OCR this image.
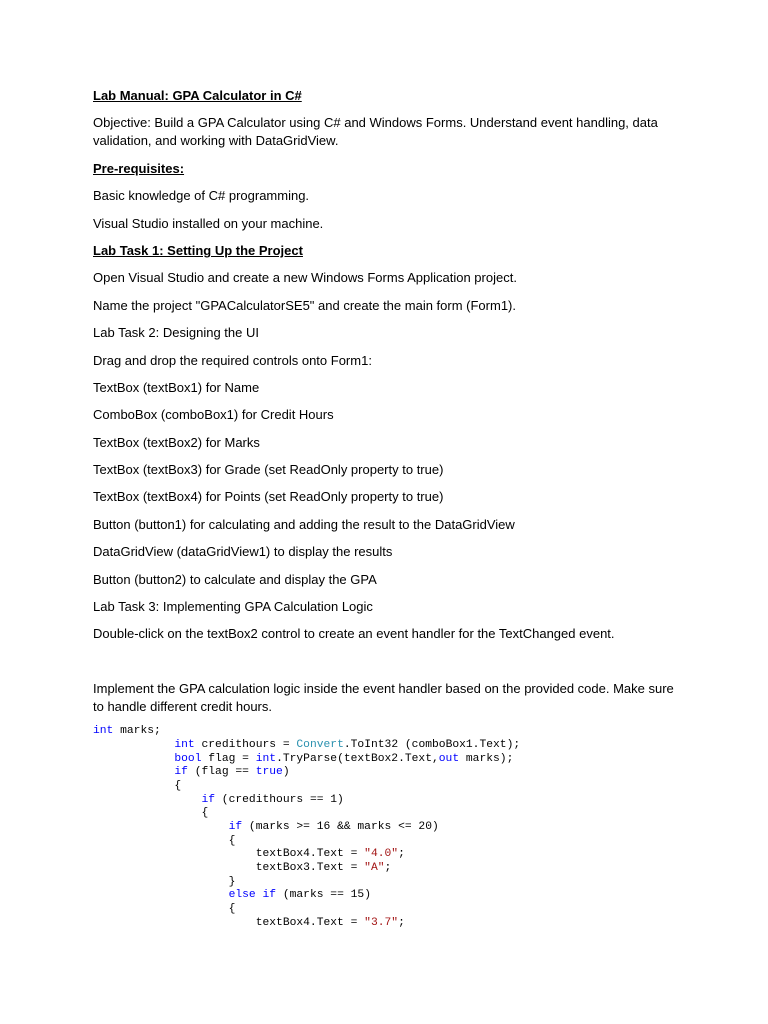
Lab Manual: GPA Calculator in C#

Objective: Build a GPA Calculator using C# and Windows Forms. Understand event handling, data validation, and working with DataGridView.

Pre-requisites:

Basic knowledge of C# programming.

Visual Studio installed on your machine.

Lab Task 1: Setting Up the Project

Open Visual Studio and create a new Windows Forms Application project.

Name the project "GPACalculatorSE5" and create the main form (Form1).

Lab Task 2: Designing the UI

Drag and drop the required controls onto Form1:

TextBox (textBox1) for Name

ComboBox (comboBox1) for Credit Hours

TextBox (textBox2) for Marks

TextBox (textBox3) for Grade (set ReadOnly property to true)

TextBox (textBox4) for Points (set ReadOnly property to true)

Button (button1) for calculating and adding the result to the DataGridView

DataGridView (dataGridView1) to display the results

Button (button2) to calculate and display the GPA

Lab Task 3: Implementing GPA Calculation Logic

Double-click on the textBox2 control to create an event handler for the TextChanged event.

Implement the GPA calculation logic inside the event handler based on the provided code. Make sure to handle different credit hours.

int marks;
int credithours = Convert.ToInt32 (comboBox1.Text);
bool flag = int.TryParse(textBox2.Text,out marks);
if (flag == true)
{
if (credithours == 1)
{
if (marks >= 16 && marks <= 20)
{
textBox4.Text = "4.0";
textBox3.Text = "A";
}
else if (marks == 15)
{
textBox4.Text = "3.7";
